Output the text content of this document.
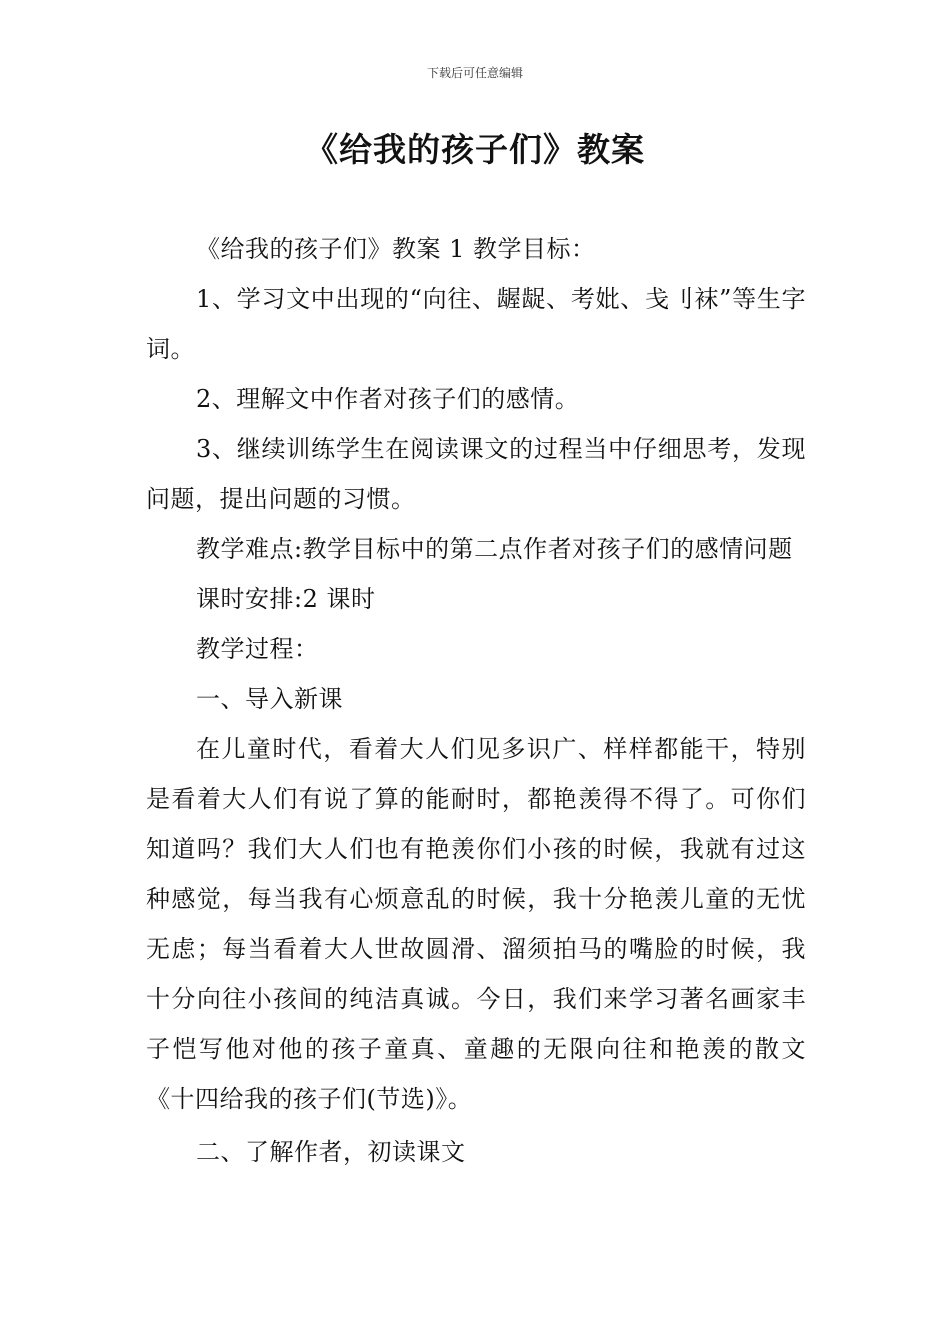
下载后可任意编辑
《给我的孩子们》教案

《给我的孩子们》教案 1 教学目标：

1、学习文中出现的“向往、龌龊、考妣、戋刂袜”等生字词。

2、理解文中作者对孩子们的感情。

3、继续训练学生在阅读课文的过程当中仔细思考，发现问题，提出问题的习惯。

教学难点:教学目标中的第二点作者对孩子们的感情问题

课时安排:2 课时

教学过程：

一、导入新课

在儿童时代，看着大人们见多识广、样样都能干，特别是看着大人们有说了算的能耐时，都艳羡得不得了。可你们知道吗？我们大人们也有艳羡你们小孩的时候，我就有过这种感觉，每当我有心烦意乱的时候，我十分艳羡儿童的无忧无虑；每当看着大人世故圆滑、溜须拍马的嘴脸的时候，我十分向往小孩间的纯洁真诚。今日，我们来学习著名画家丰子恺写他对他的孩子童真、童趣的无限向往和艳羡的散文《十四给我的孩子们(节选)》。

二、了解作者，初读课文
